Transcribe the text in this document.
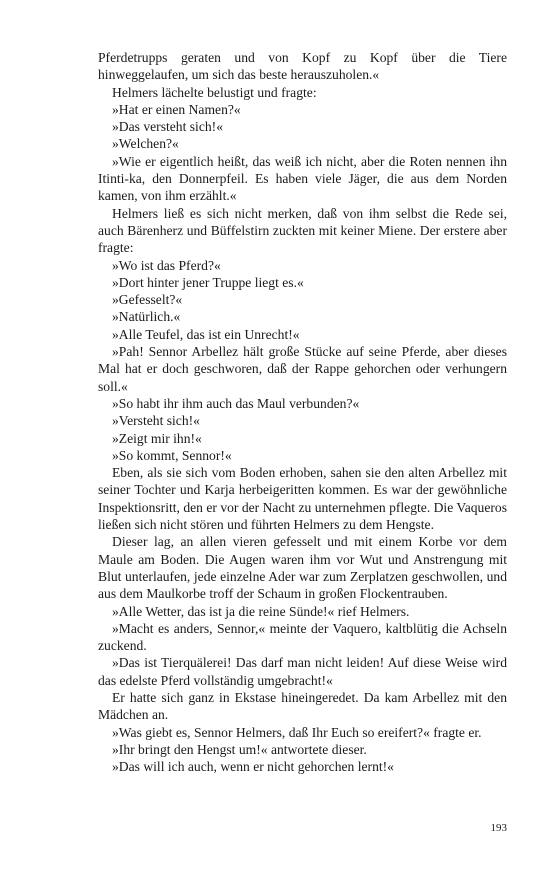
Pferdetrupps geraten und von Kopf zu Kopf über die Tiere hinweggelaufen, um sich das beste herauszuholen.«

Helmers lächelte belustigt und fragte:

»Hat er einen Namen?«

»Das versteht sich!«

»Welchen?«

»Wie er eigentlich heißt, das weiß ich nicht, aber die Roten nennen ihn Itinti-ka, den Donnerpfeil. Es haben viele Jäger, die aus dem Norden kamen, von ihm erzählt.«

Helmers ließ es sich nicht merken, daß von ihm selbst die Rede sei, auch Bärenherz und Büffelstirn zuckten mit keiner Miene. Der erstere aber fragte:

»Wo ist das Pferd?«

»Dort hinter jener Truppe liegt es.«

»Gefesselt?«

»Natürlich.«

»Alle Teufel, das ist ein Unrecht!«

»Pah! Sennor Arbellez hält große Stücke auf seine Pferde, aber dieses Mal hat er doch geschworen, daß der Rappe gehorchen oder verhungern soll.«

»So habt ihr ihm auch das Maul verbunden?«

»Versteht sich!«

»Zeigt mir ihn!«

»So kommt, Sennor!«

Eben, als sie sich vom Boden erhoben, sahen sie den alten Arbellez mit seiner Tochter und Karja herbeigeritten kommen. Es war der gewöhnliche Inspektionsritt, den er vor der Nacht zu unternehmen pflegte. Die Vaqueros ließen sich nicht stören und führten Helmers zu dem Hengste.

Dieser lag, an allen vieren gefesselt und mit einem Korbe vor dem Maule am Boden. Die Augen waren ihm vor Wut und Anstrengung mit Blut unterlaufen, jede einzelne Ader war zum Zerplatzen geschwollen, und aus dem Maulkorbe troff der Schaum in großen Flockentrauben.

»Alle Wetter, das ist ja die reine Sünde!« rief Helmers.

»Macht es anders, Sennor,« meinte der Vaquero, kaltblütig die Achseln zuckend.

»Das ist Tierquälerei! Das darf man nicht leiden! Auf diese Weise wird das edelste Pferd vollständig umgebracht!«

Er hatte sich ganz in Ekstase hineingeredet. Da kam Arbellez mit den Mädchen an.

»Was giebt es, Sennor Helmers, daß Ihr Euch so ereifert?« fragte er.

»Ihr bringt den Hengst um!« antwortete dieser.

»Das will ich auch, wenn er nicht gehorchen lernt!«

193
